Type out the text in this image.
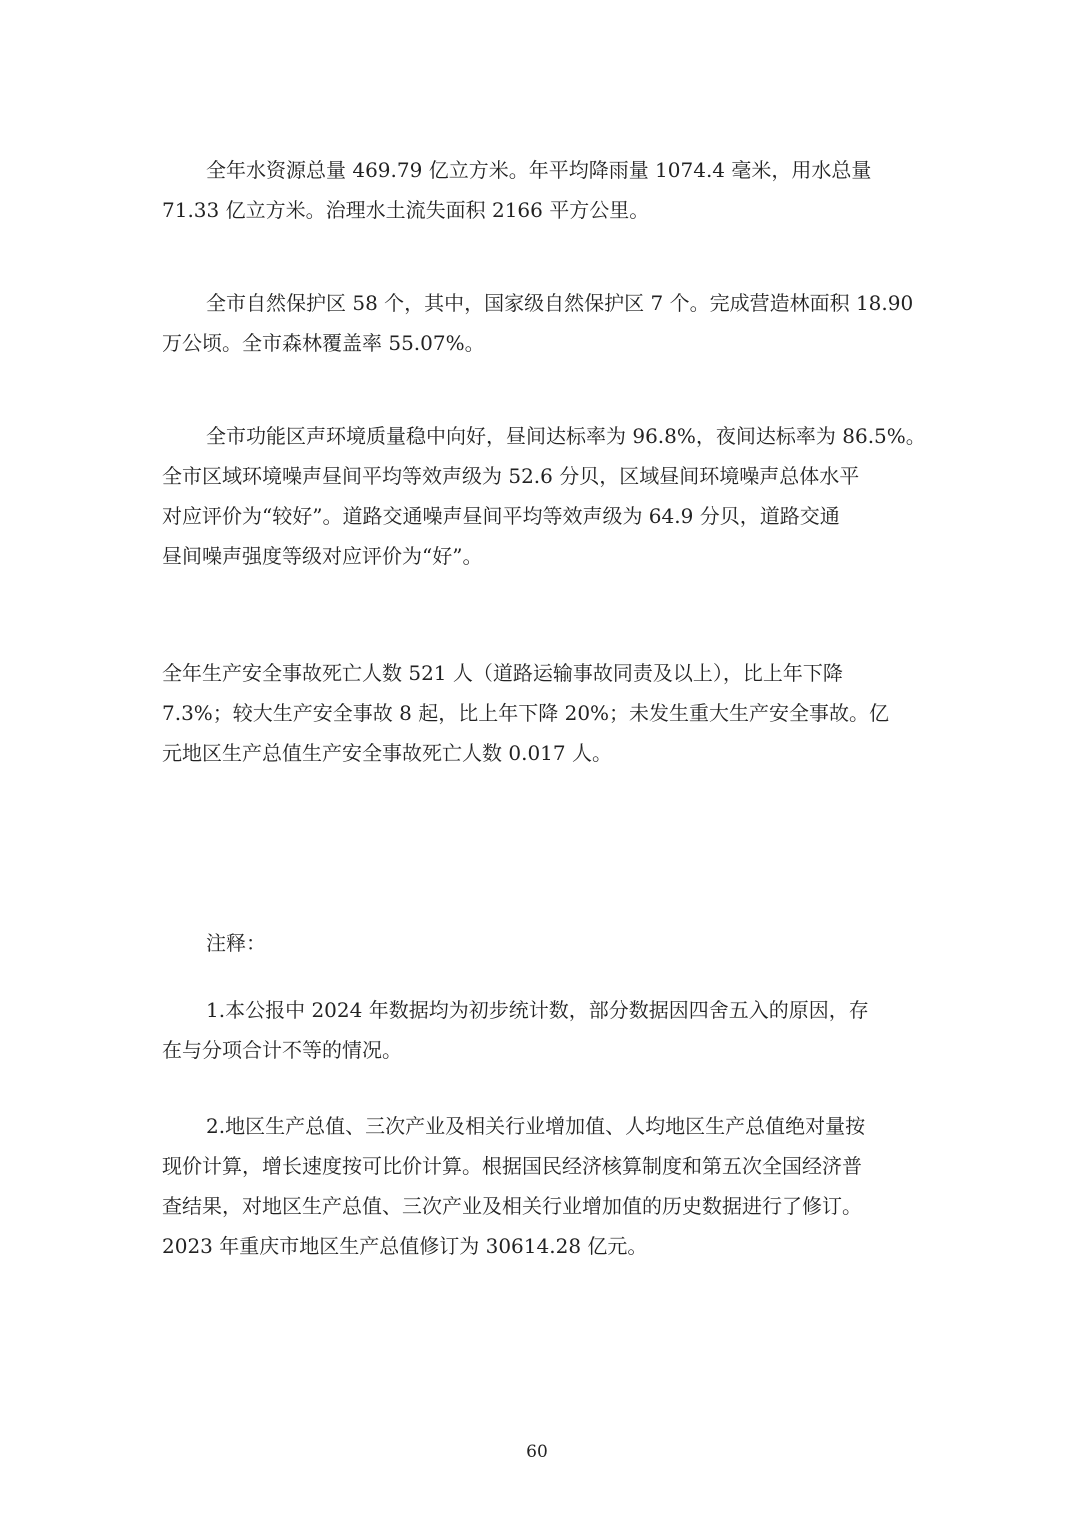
全年水资源总量 469.79 亿立方米。年平均降雨量 1074.4 毫米，用水总量
71.33 亿立方米。治理水土流失面积 2166 平方公里。

全市自然保护区 58 个，其中，国家级自然保护区 7 个。完成营造林面积 18.90
万公顷。全市森林覆盖率 55.07%。

全市功能区声环境质量稳中向好，昼间达标率为 96.8%，夜间达标率为 86.5%。
全市区域环境噪声昼间平均等效声级为 52.6 分贝，区域昼间环境噪声总体水平
对应评价为“较好”。道路交通噪声昼间平均等效声级为 64.9 分贝，道路交通
昼间噪声强度等级对应评价为“好”。

全年生产安全事故死亡人数 521 人（道路运输事故同责及以上），比上年下降
7.3%；较大生产安全事故 8 起，比上年下降 20%；未发生重大生产安全事故。亿
元地区生产总值生产安全事故死亡人数 0.017 人。

注释：

1.本公报中 2024 年数据均为初步统计数，部分数据因四舍五入的原因，存
在与分项合计不等的情况。

2.地区生产总值、三次产业及相关行业增加值、人均地区生产总值绝对量按
现价计算，增长速度按可比价计算。根据国民经济核算制度和第五次全国经济普
查结果，对地区生产总值、三次产业及相关行业增加值的历史数据进行了修订。
2023 年重庆市地区生产总值修订为 30614.28 亿元。

60
